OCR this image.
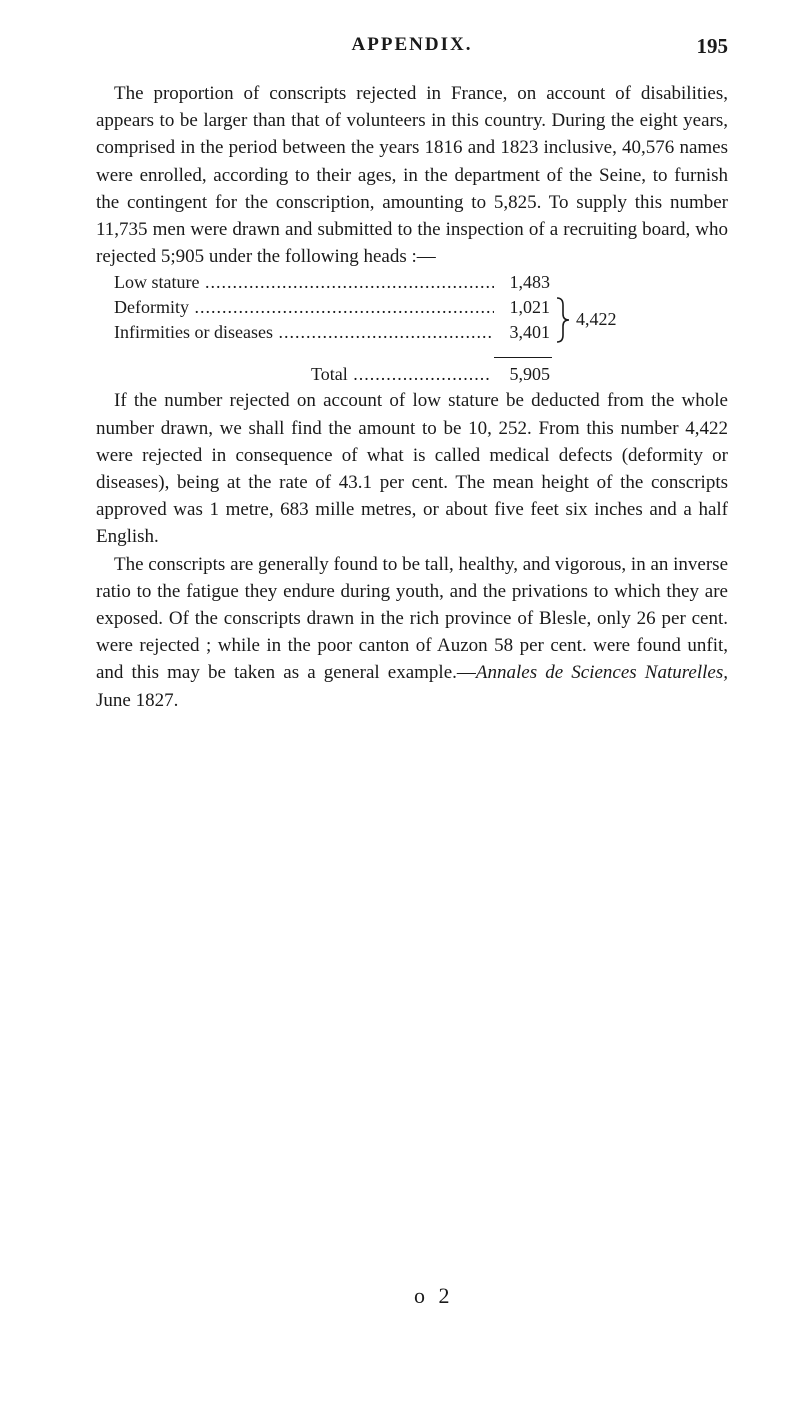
APPENDIX.	195

The proportion of conscripts rejected in France, on account of disabilities, appears to be larger than that of volunteers in this country. During the eight years, comprised in the period between the years 1816 and 1823 inclusive, 40,576 names were enrolled, according to their ages, in the department of the Seine, to furnish the contingent for the conscription, amounting to 5,825. To supply this number 11,735 men were drawn and submitted to the inspection of a recruiting board, who rejected 5;905 under the following heads :—

Low stature .....	1,483
Deformity .....	1,021
Infirmities or diseases .....	3,401
4,422
Total .....	5,905

If the number rejected on account of low stature be deducted from the whole number drawn, we shall find the amount to be 10, 252. From this number 4,422 were rejected in consequence of what is called medical defects (deformity or diseases), being at the rate of 43.1 per cent. The mean height of the conscripts approved was 1 metre, 683 mille metres, or about five feet six inches and a half English.

The conscripts are generally found to be tall, healthy, and vigorous, in an inverse ratio to the fatigue they endure during youth, and the privations to which they are exposed. Of the conscripts drawn in the rich province of Blesle, only 26 per cent. were rejected ; while in the poor canton of Auzon 58 per cent. were found unfit, and this may be taken as a general example.—Annales de Sciences Naturelles, June 1827.

o 2
